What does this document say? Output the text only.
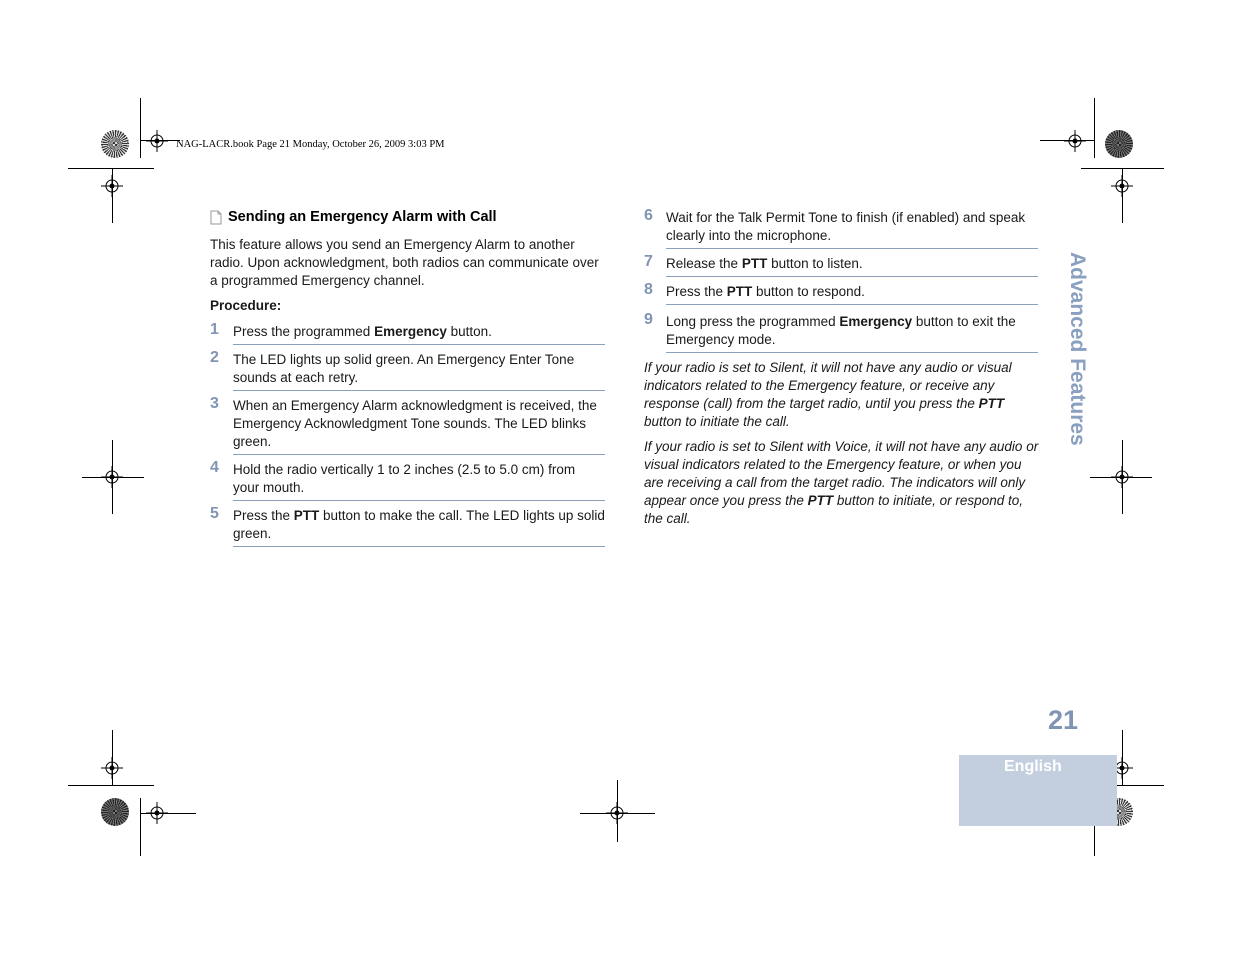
NAG-LACR.book Page 21 Monday, October 26, 2009 3:03 PM
Sending an Emergency Alarm with Call

This feature allows you send an Emergency Alarm to another radio. Upon acknowledgment, both radios can communicate over a programmed Emergency channel.

Procedure:

1 Press the programmed Emergency button.
2 The LED lights up solid green. An Emergency Enter Tone sounds at each retry.
3 When an Emergency Alarm acknowledgment is received, the Emergency Acknowledgment Tone sounds. The LED blinks green.
4 Hold the radio vertically 1 to 2 inches (2.5 to 5.0 cm) from your mouth.
5 Press the PTT button to make the call. The LED lights up solid green.
6 Wait for the Talk Permit Tone to finish (if enabled) and speak clearly into the microphone.
7 Release the PTT button to listen.
8 Press the PTT button to respond.
9 Long press the programmed Emergency button to exit the Emergency mode.

If your radio is set to Silent, it will not have any audio or visual indicators related to the Emergency feature, or receive any response (call) from the target radio, until you press the PTT button to initiate the call.

If your radio is set to Silent with Voice, it will not have any audio or visual indicators related to the Emergency feature, or when you are receiving a call from the target radio. The indicators will only appear once you press the PTT button to initiate, or respond to, the call.

Advanced Features
21
English
